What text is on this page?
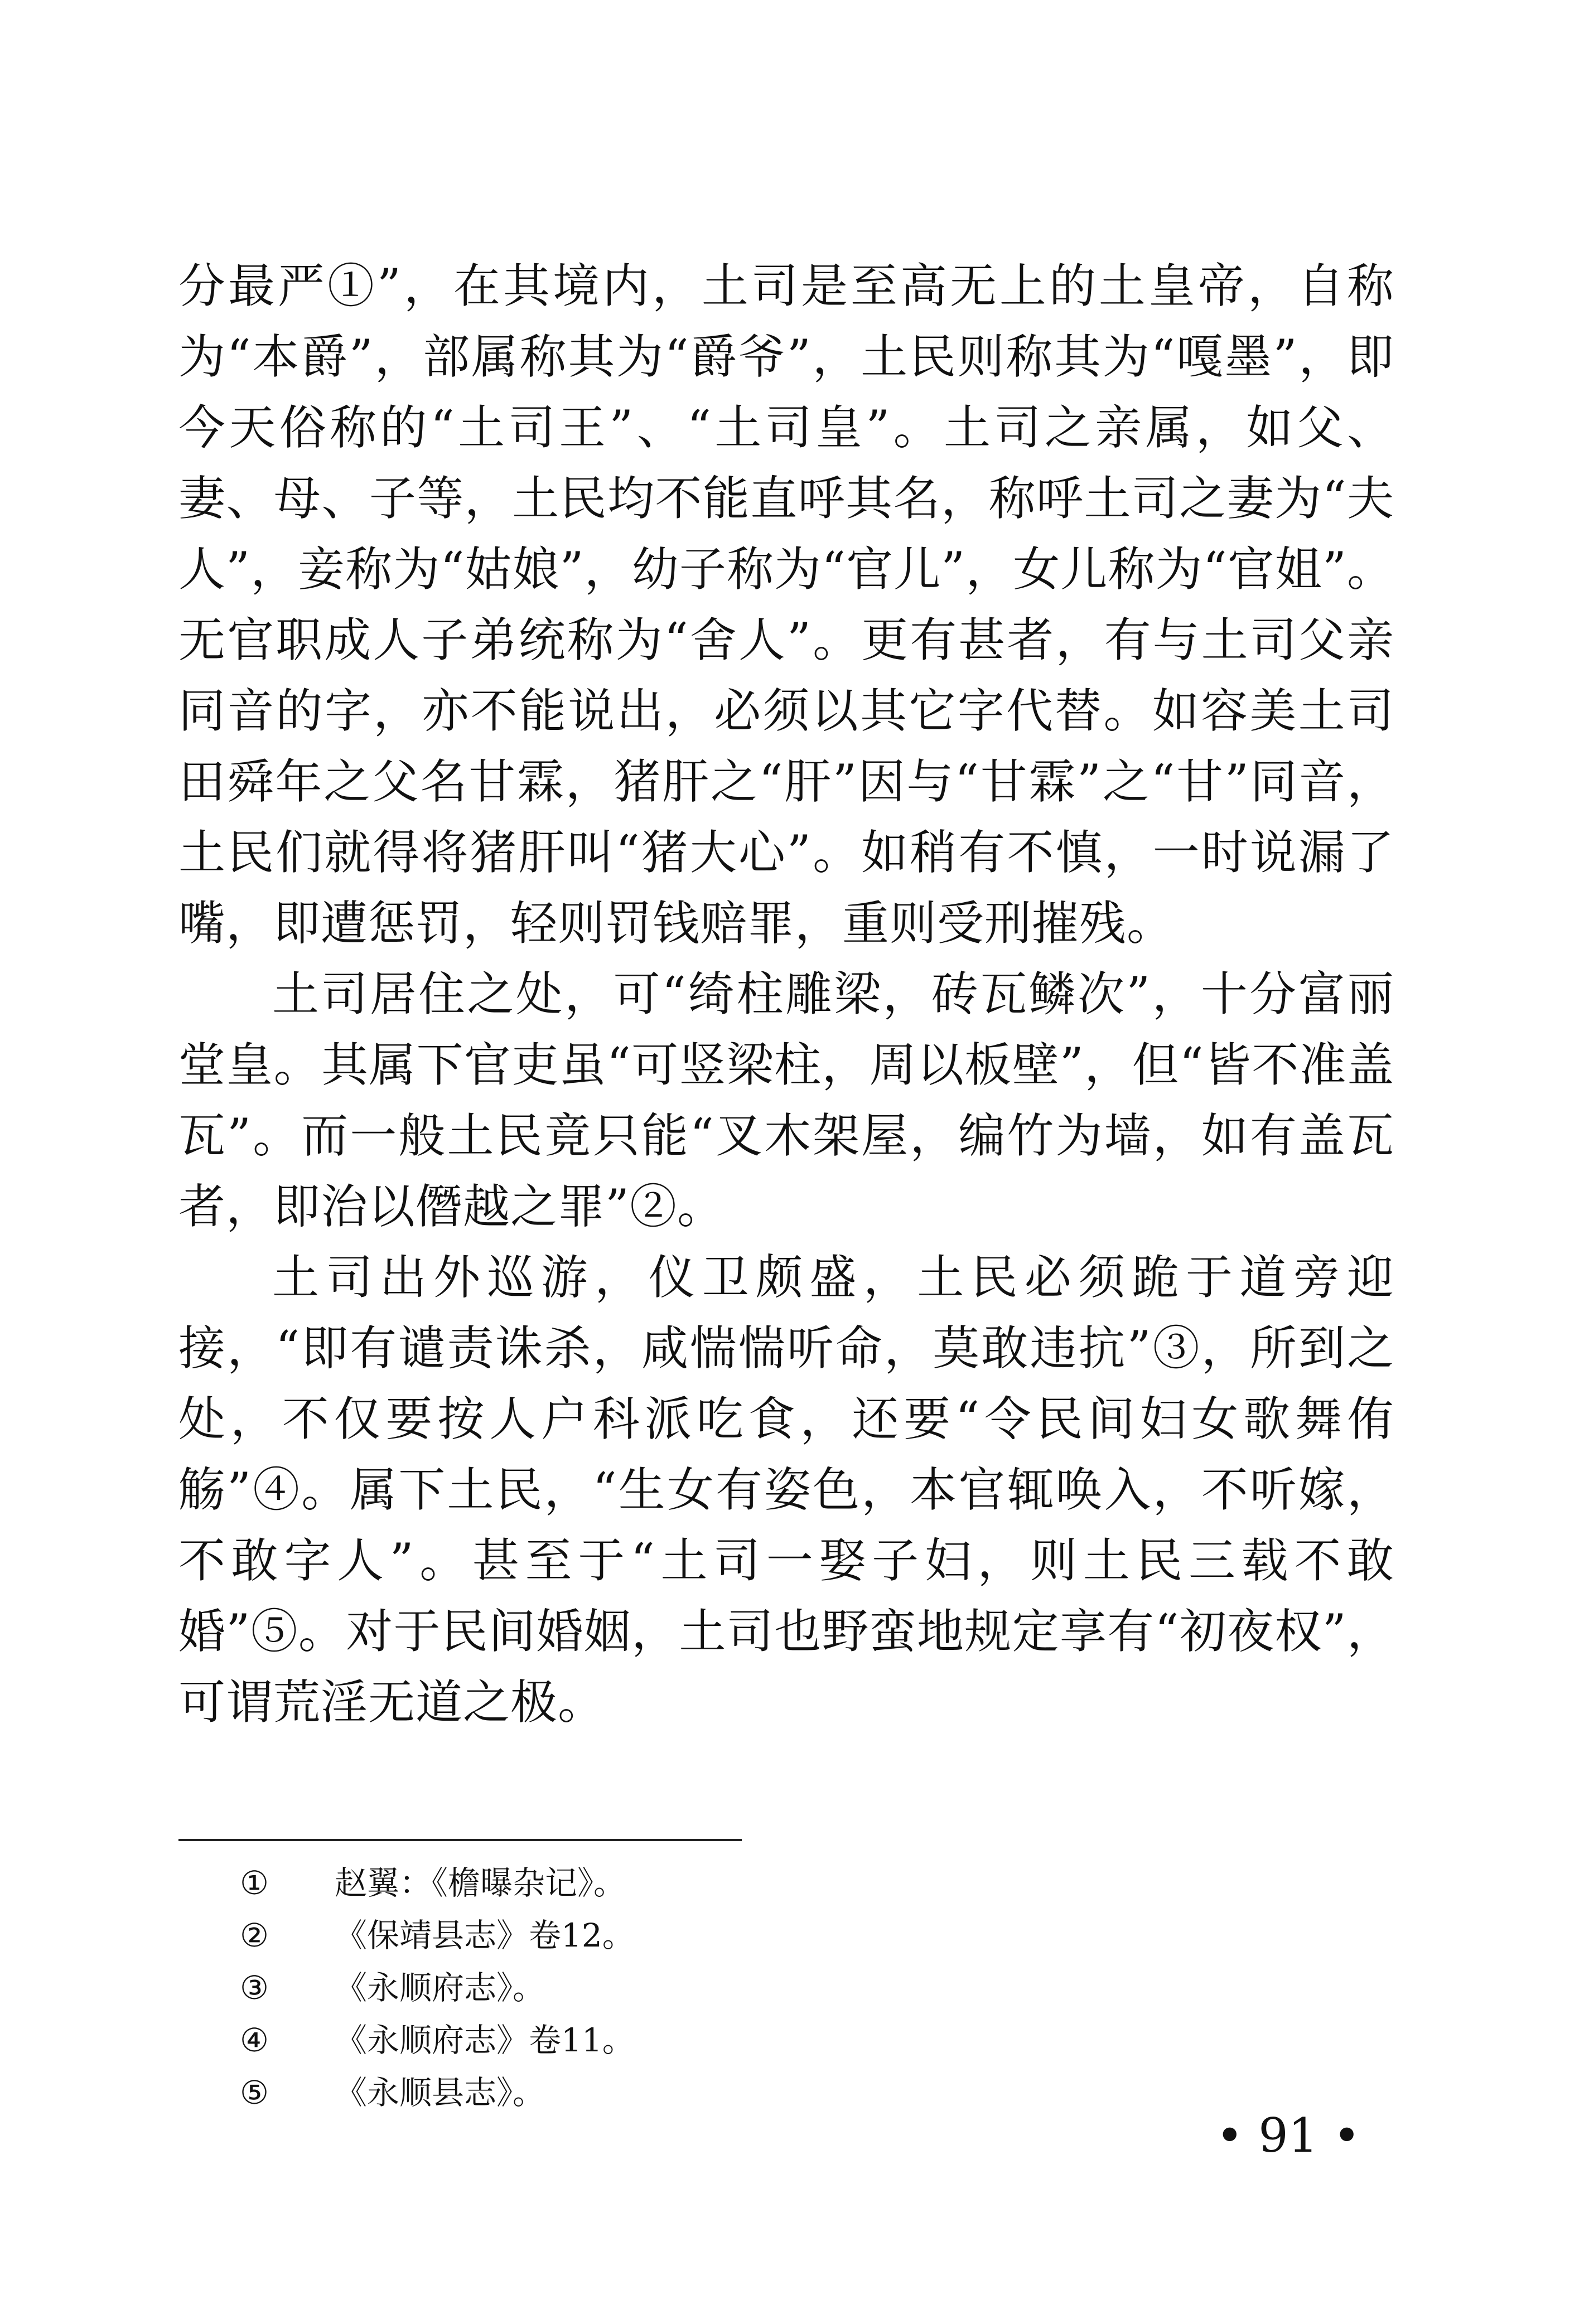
分最严①”，在其境内，土司是至高无上的土皇帝，自称为“本爵”，部属称其为“爵爷”，土民则称其为“嘎墨”，即今天俗称的“土司王”、“土司皇”。土司之亲属，如父、妻、母、子等，土民均不能直呼其名，称呼土司之妻为“夫人”，妾称为“姑娘”，幼子称为“官儿”，女儿称为“官姐”。无官职成人子弟统称为“舍人”。更有甚者，有与土司父亲同音的字，亦不能说出，必须以其它字代替。如容美土司田舜年之父名甘霖，猪肝之“肝”因与“甘霖”之“甘”同音，土民们就得将猪肝叫“猪大心”。如稍有不慎，一时说漏了嘴，即遭惩罚，轻则罚钱赔罪，重则受刑摧残。

土司居住之处，可“绮柱雕梁，砖瓦鳞次”，十分富丽堂皇。其属下官吏虽“可竖梁柱，周以板壁”，但“皆不准盖瓦”。而一般土民竟只能“叉木架屋，编竹为墙，如有盖瓦者，即治以僭越之罪”②。

土司出外巡游，仪卫颇盛，土民必须跪于道旁迎接，“即有谴责诛杀，咸惴惴听命，莫敢违抗”③，所到之处，不仅要按人户科派吃食，还要“令民间妇女歌舞侑觞”④。属下土民，“生女有姿色，本官辄唤入，不听嫁，不敢字人”。甚至于“土司一娶子妇，则土民三载不敢婚”⑤。对于民间婚姻，土司也野蛮地规定享有“初夜权”，可谓荒淫无道之极。

①	赵翼：《檐曝杂记》。
②	《保靖县志》卷12。
③	《永顺府志》。
④	《永顺府志》卷11。
⑤	《永顺县志》。
• 91 •
